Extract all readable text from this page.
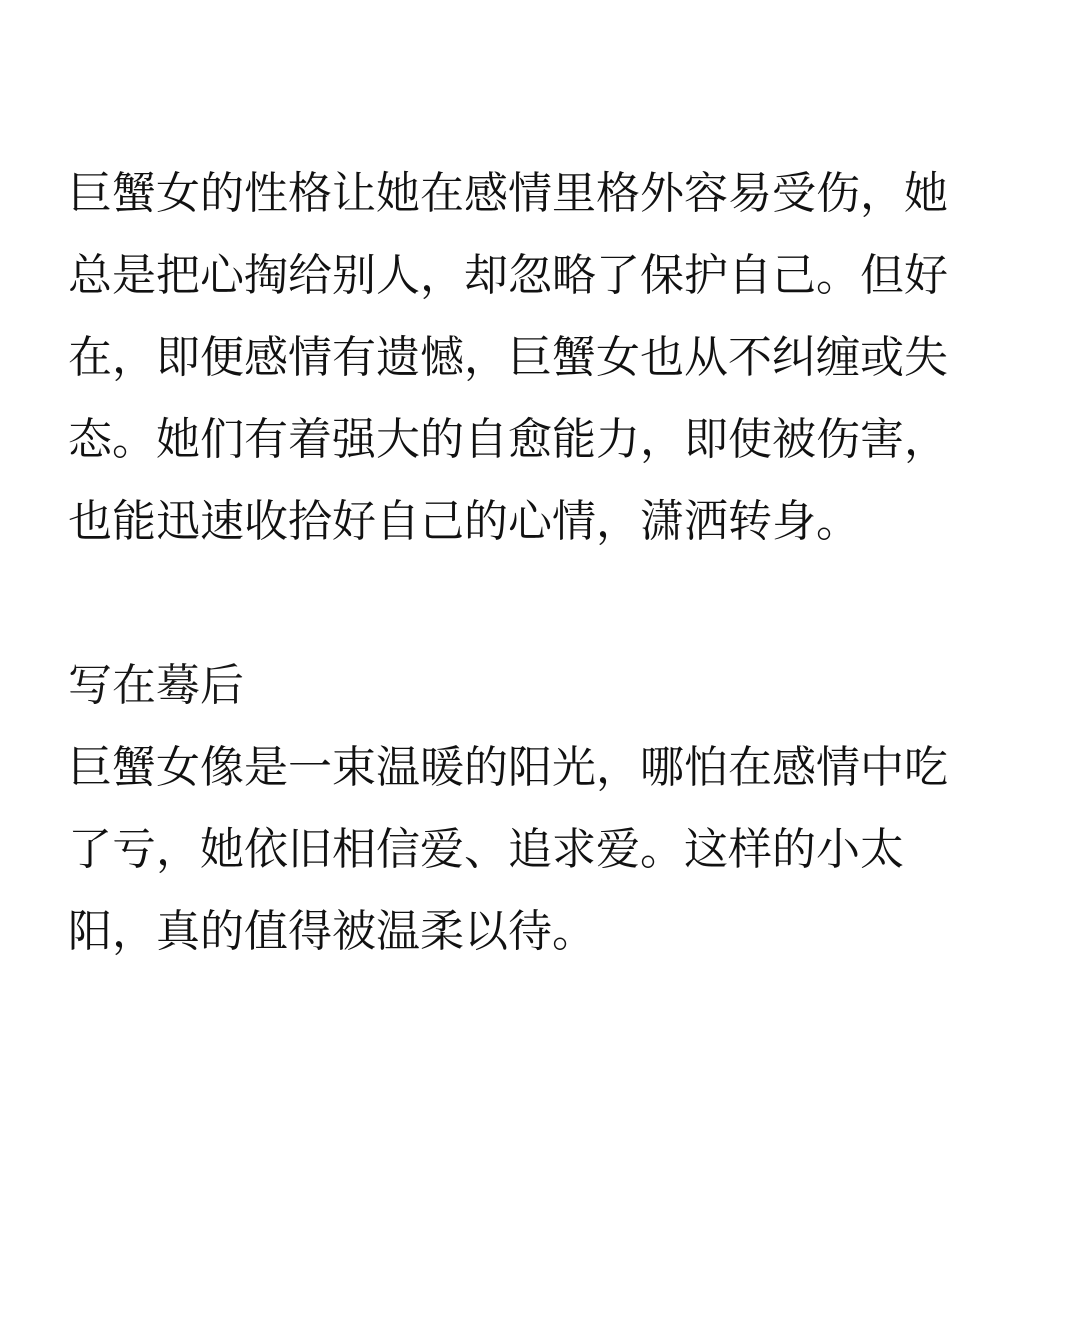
巨蟹女的性格让她在感情里格外容易受伤，她

总是把心掏给别人，却忽略了保护自己。但好

在，即便感情有遗憾，巨蟹女也从不纠缠或失

态。她们有着强大的自愈能力，即使被伤害，

也能迅速收拾好自己的心情，潇洒转身。

写在蓦后

巨蟹女像是一束温暖的阳光，哪怕在感情中吃

了亏，她依旧相信爱、追求爱。这样的小太

阳，真的值得被温柔以待。
